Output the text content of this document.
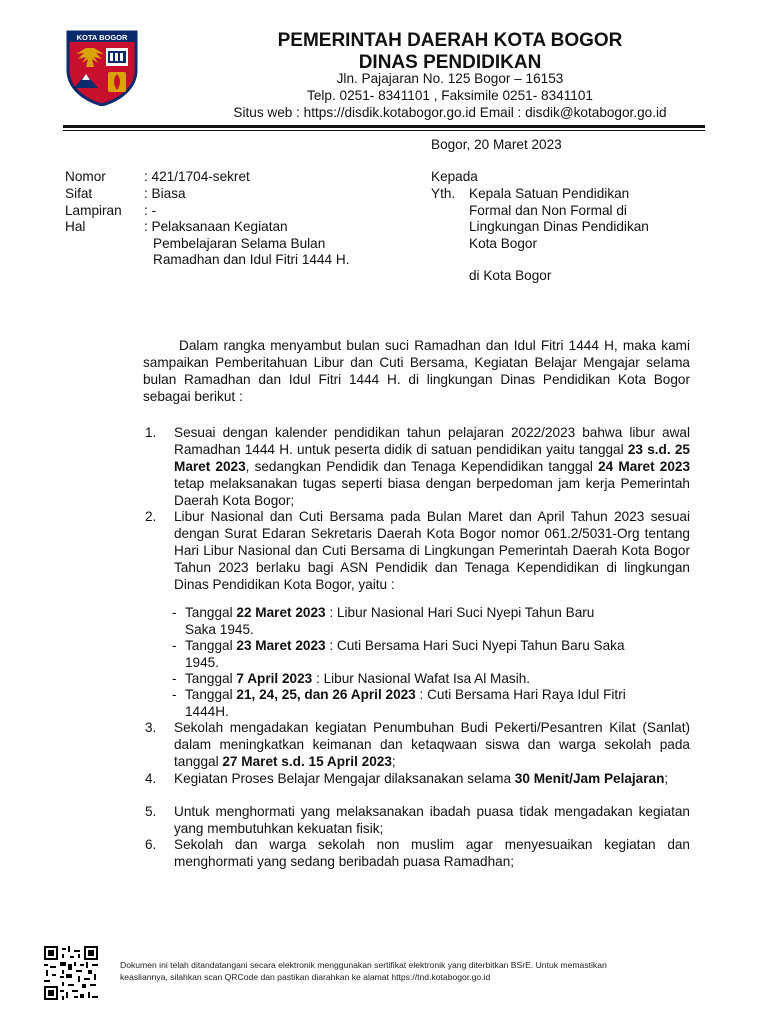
KOTA BOGOR	PEMERINTAH DAERAH KOTA BOGOR
DINAS PENDIDIKAN
Jln. Pajajaran No. 125 Bogor – 16153
Telp. 0251- 8341101 , Faksimile 0251- 8341101
Situs web : https://disdik.kotabogor.go.id Email : disdik@kotabogor.go.id
Bogor, 20 Maret 2023
Nomor	: 421/1704-sekret
Sifat	: Biasa
Lampiran : -
Hal	: Pelaksanaan Kegiatan
Pembelajaran Selama Bulan
Ramadhan dan Idul Fitri 1444 H.
Kepada
Yth. Kepala Satuan Pendidikan
Formal dan Non Formal di
Lingkungan Dinas Pendidikan
Kota Bogor
di Kota Bogor
Dalam rangka menyambut bulan suci Ramadhan dan Idul Fitri 1444 H, maka kami sampaikan Pemberitahuan Libur dan Cuti Bersama, Kegiatan Belajar Mengajar selama bulan Ramadhan dan Idul Fitri 1444 H. di lingkungan Dinas Pendidikan Kota Bogor sebagai berikut :
1. Sesuai dengan kalender pendidikan tahun pelajaran 2022/2023 bahwa libur awal Ramadhan 1444 H. untuk peserta didik di satuan pendidikan yaitu tanggal 23 s.d. 25 Maret 2023, sedangkan Pendidik dan Tenaga Kependidikan tanggal 24 Maret 2023 tetap melaksanakan tugas seperti biasa dengan berpedoman jam kerja Pemerintah Daerah Kota Bogor;
2. Libur Nasional dan Cuti Bersama pada Bulan Maret dan April Tahun 2023 sesuai dengan Surat Edaran Sekretaris Daerah Kota Bogor nomor 061.2/5031-Org tentang Hari Libur Nasional dan Cuti Bersama di Lingkungan Pemerintah Daerah Kota Bogor Tahun 2023 berlaku bagi ASN Pendidik dan Tenaga Kependidikan di lingkungan Dinas Pendidikan Kota Bogor, yaitu :
- Tanggal 22 Maret 2023 : Libur Nasional Hari Suci Nyepi Tahun Baru
Saka 1945.
- Tanggal 23 Maret 2023 : Cuti Bersama Hari Suci Nyepi Tahun Baru Saka
1945.
- Tanggal 7 April 2023 : Libur Nasional Wafat Isa Al Masih.
- Tanggal 21, 24, 25, dan 26 April 2023 : Cuti Bersama Hari Raya Idul Fitri
1444H.
3. Sekolah mengadakan kegiatan Penumbuhan Budi Pekerti/Pesantren Kilat (Sanlat) dalam meningkatkan keimanan dan ketaqwaan siswa dan warga sekolah pada tanggal 27 Maret s.d. 15 April 2023;
4. Kegiatan Proses Belajar Mengajar dilaksanakan selama 30 Menit/Jam Pelajaran;
5. Untuk menghormati yang melaksanakan ibadah puasa tidak mengadakan kegiatan yang membutuhkan kekuatan fisik;
6. Sekolah dan warga sekolah non muslim agar menyesuaikan kegiatan dan menghormati yang sedang beribadah puasa Ramadhan;
Dokumen ini telah ditandatangani secara elektronik menggunakan sertifikat elektronik yang diterbitkan BSrE. Untuk memastikan
keasliannya, silahkan scan QRCode dan pastikan diarahkan ke alamat https://tnd.kotabogor.go.id
